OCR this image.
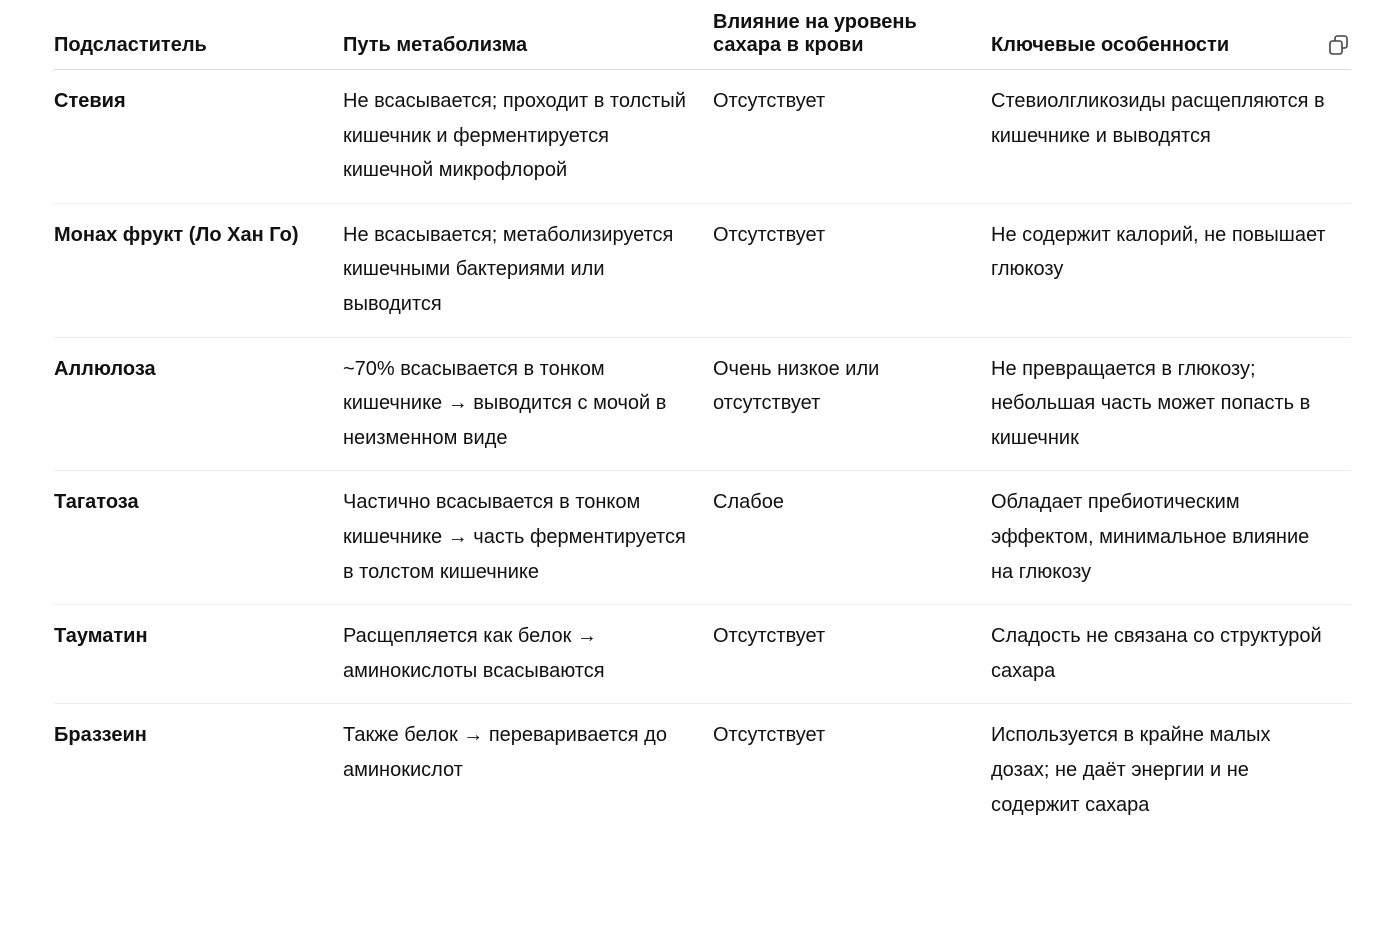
Подсластитель	Путь метаболизма	Влияние на уровень сахара в крови	Ключевые особенности

Стевия	Не всасывается; проходит в толстый кишечник и ферментируется кишечной микрофлорой	Отсутствует	Стевиолгликозиды расщепляются в кишечнике и выводятся
Монах фрукт (Ло Хан Го)	Не всасывается; метаболизируется кишечными бактериями или выводится	Отсутствует	Не содержит калорий, не повышает глюкозу
Аллюлоза	~70% всасывается в тонком кишечнике → выводится с мочой в неизменном виде	Очень низкое или отсутствует	Не превращается в глюкозу; небольшая часть может попасть в кишечник
Тагатоза	Частично всасывается в тонком кишечнике → часть ферментируется в толстом кишечнике	Слабое	Обладает пребиотическим эффектом, минимальное влияние на глюкозу
Тауматин	Расщепляется как белок → аминокислоты всасываются	Отсутствует	Сладость не связана со структурой сахара
Браззеин	Также белок → переваривается до аминокислот	Отсутствует	Используется в крайне малых дозах; не даёт энергии и не содержит сахара
